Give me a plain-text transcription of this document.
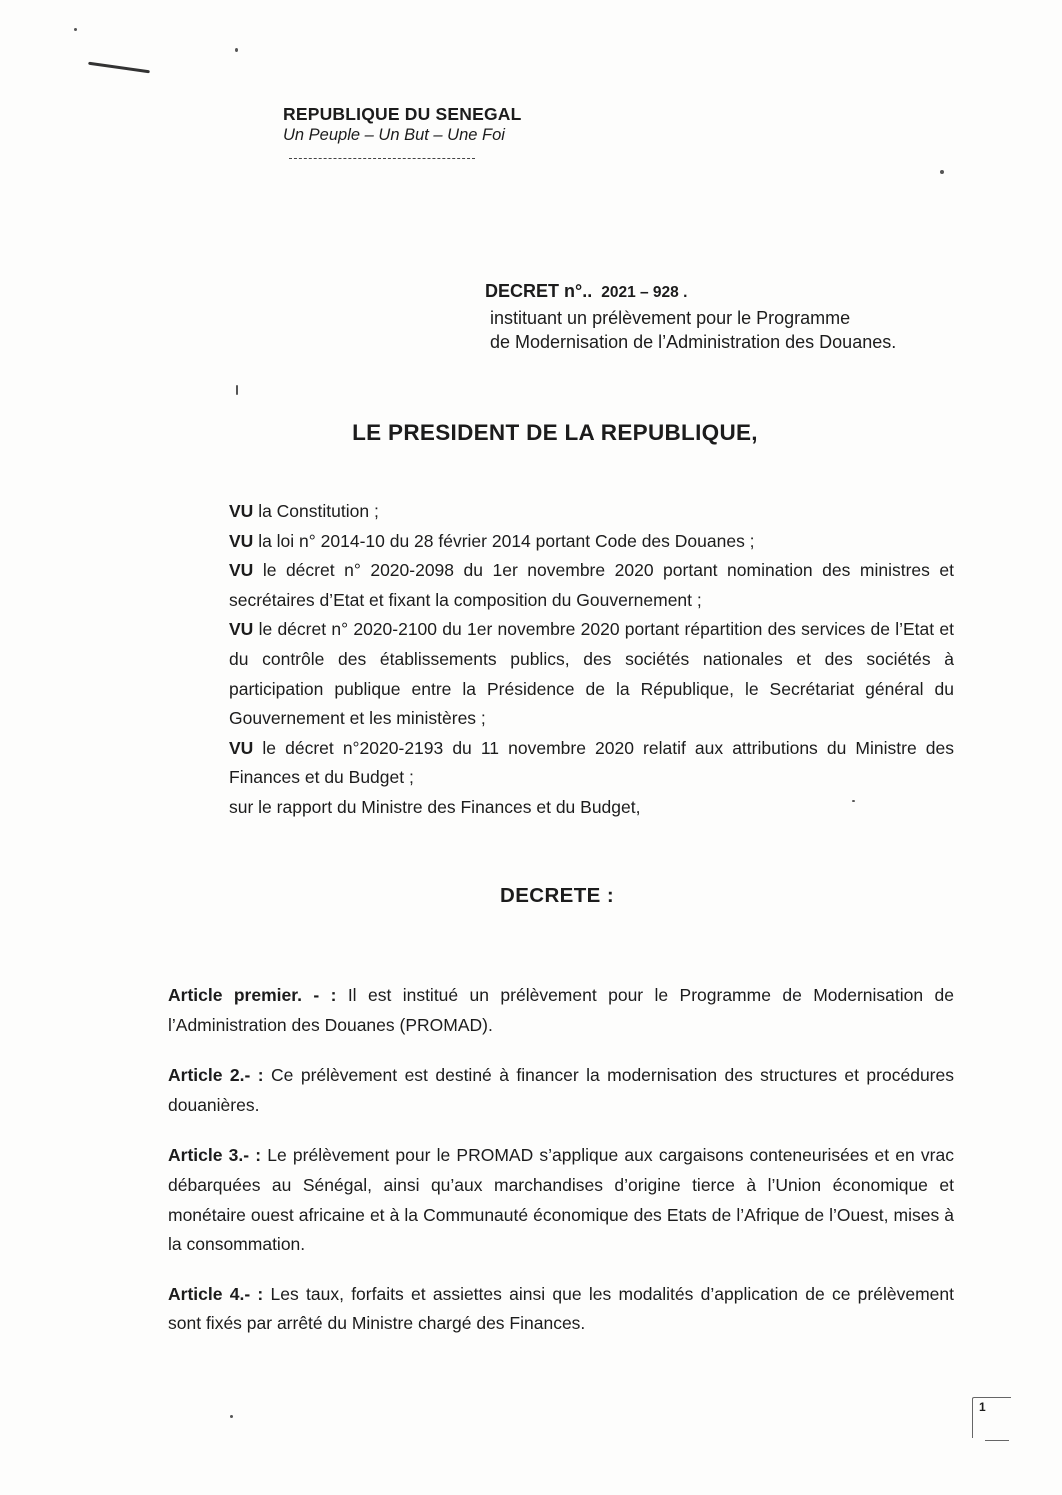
REPUBLIQUE DU SENEGAL
Un Peuple – Un But – Une Foi
DECRET n°.. 2021 – 928 .
instituant un prélèvement pour le Programme
de Modernisation de l’Administration des Douanes.
LE PRESIDENT DE LA REPUBLIQUE,

VU la Constitution ;

VU la loi n° 2014-10 du 28 février 2014 portant Code des Douanes ;

VU le décret n° 2020-2098 du 1er novembre 2020 portant nomination des ministres et secrétaires d’Etat et fixant la composition du Gouvernement ;

VU le décret n° 2020-2100 du 1er novembre 2020 portant répartition des services de l’Etat et du contrôle des établissements publics, des sociétés nationales et des sociétés à participation publique entre la Présidence de la République, le Secrétariat général du Gouvernement et les ministères ;

VU le décret n°2020-2193 du 11 novembre 2020 relatif aux attributions du Ministre des Finances et du Budget ;

sur le rapport du Ministre des Finances et du Budget,

DECRETE :

Article premier. - : Il est institué un prélèvement pour le Programme de Modernisation de l’Administration des Douanes (PROMAD).

Article 2.- : Ce prélèvement est destiné à financer la modernisation des structures et procédures douanières.

Article 3.- : Le prélèvement pour le PROMAD s’applique aux cargaisons conteneurisées et en vrac débarquées au Sénégal, ainsi qu’aux marchandises d’origine tierce à l’Union économique et monétaire ouest africaine et à la Communauté économique des Etats de l’Afrique de l’Ouest, mises à la consommation.

Article 4.- : Les taux, forfaits et assiettes ainsi que les modalités d’application de ce prélèvement sont fixés par arrêté du Ministre chargé des Finances.

1
